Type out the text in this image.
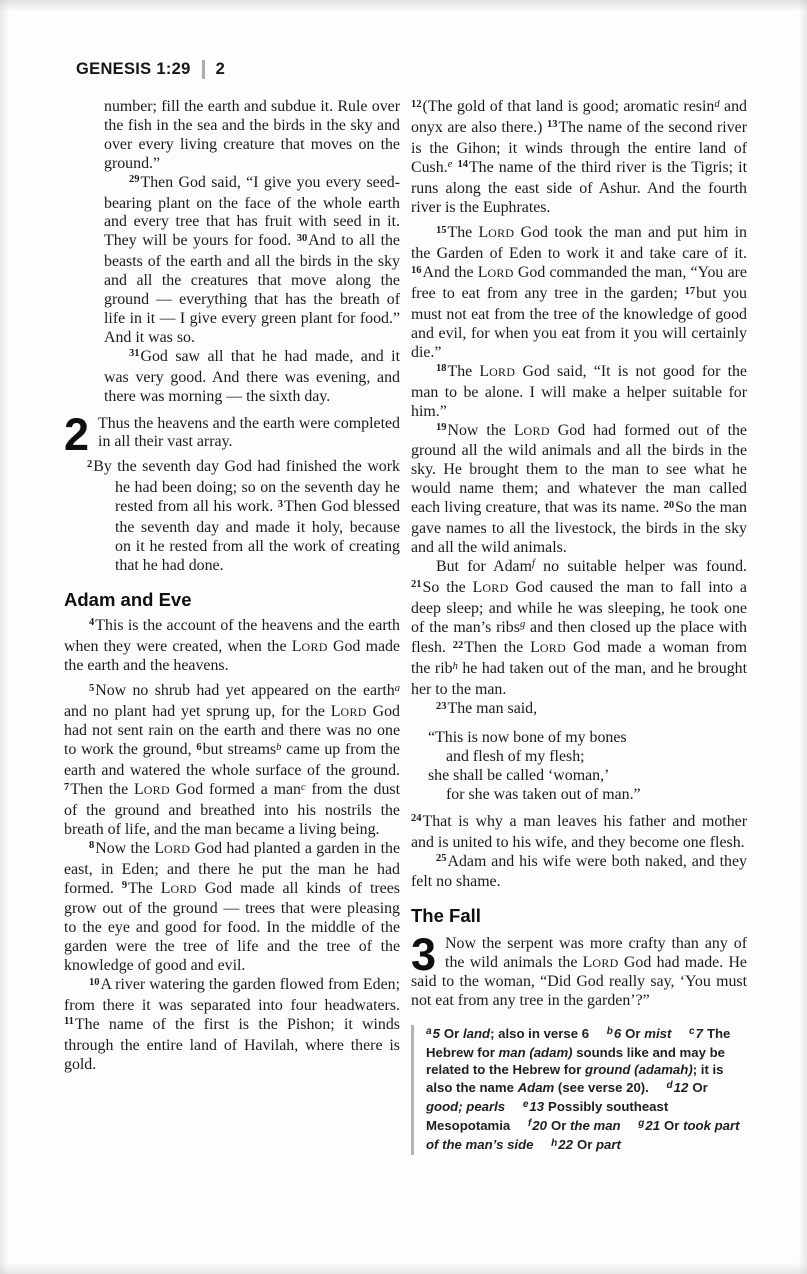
GENESIS 1:29 2

number; fill the earth and subdue it. Rule over the fish in the sea and the birds in the sky and over every living creature that moves on the ground.”

$^{29}$Then God said, “I give you every seed-bearing plant on the face of the whole earth and every tree that has fruit with seed in it. They will be yours for food. $^{30}$And to all the beasts of the earth and all the birds in the sky and all the creatures that move along the ground — everything that has the breath of life in it — I give every green plant for food.” And it was so.

$^{31}$God saw all that he had made, and it was very good. And there was evening, and there was morning — the sixth day.

2 Thus the heavens and the earth were completed in all their vast array.

$^2$By the seventh day God had finished the work he had been doing; so on the seventh day he rested from all his work. $^3$Then God blessed the seventh day and made it holy, because on it he rested from all the work of creating that he had done.

Adam and Eve

$^4$This is the account of the heavens and the earth when they were created, when the LORD God made the earth and the heavens.

$^5$Now no shrub had yet appeared on the earth$^a$ and no plant had yet sprung up, for the LORD God had not sent rain on the earth and there was no one to work the ground, $^6$but streams$^b$ came up from the earth and watered the whole surface of the ground. $^7$Then the LORD God formed a man$^c$ from the dust of the ground and breathed into his nostrils the breath of life, and the man became a living being.

$^8$Now the LORD God had planted a garden in the east, in Eden; and there he put the man he had formed. $^9$The LORD God made all kinds of trees grow out of the ground — trees that were pleasing to the eye and good for food. In the middle of the garden were the tree of life and the tree of the knowledge of good and evil.

$^{10}$A river watering the garden flowed from Eden; from there it was separated into four headwaters. $^{11}$The name of the first is the Pishon; it winds through the entire land of Havilah, where there is gold.

$^{12}$(The gold of that land is good; aromatic resin$^d$ and onyx are also there.) $^{13}$The name of the second river is the Gihon; it winds through the entire land of Cush.$^e$ $^{14}$The name of the third river is the Tigris; it runs along the east side of Ashur. And the fourth river is the Euphrates.

$^{15}$The LORD God took the man and put him in the Garden of Eden to work it and take care of it. $^{16}$And the LORD God commanded the man, “You are free to eat from any tree in the garden; $^{17}$but you must not eat from the tree of the knowledge of good and evil, for when you eat from it you will certainly die.”

$^{18}$The LORD God said, “It is not good for the man to be alone. I will make a helper suitable for him.”

$^{19}$Now the LORD God had formed out of the ground all the wild animals and all the birds in the sky. He brought them to the man to see what he would name them; and whatever the man called each living creature, that was its name. $^{20}$So the man gave names to all the livestock, the birds in the sky and all the wild animals.

But for Adam$^f$ no suitable helper was found. $^{21}$So the LORD God caused the man to fall into a deep sleep; and while he was sleeping, he took one of the man’s ribs$^g$ and then closed up the place with flesh. $^{22}$Then the LORD God made a woman from the rib$^h$ he had taken out of the man, and he brought her to the man.

$^{23}$The man said,

“This is now bone of my bones
and flesh of my flesh;
she shall be called ‘woman,’
for she was taken out of man.”

$^{24}$That is why a man leaves his father and mother and is united to his wife, and they become one flesh.

$^{25}$Adam and his wife were both naked, and they felt no shame.

The Fall
3 Now the serpent was more crafty than any of the wild animals the LORD God had made. He said to the woman, “Did God really say, ‘You must not eat from any tree in the garden’?”

$^a$5 Or land; also in verse 6 $^b$6 Or mist $^c$7 The Hebrew for man (adam) sounds like and may be related to the Hebrew for ground (adamah); it is also the name Adam (see verse 20). $^d$12 Or good; pearls $^e$13 Possibly southeast Mesopotamia $^f$20 Or the man $^g$21 Or took part of the man’s side $^h$22 Or part
